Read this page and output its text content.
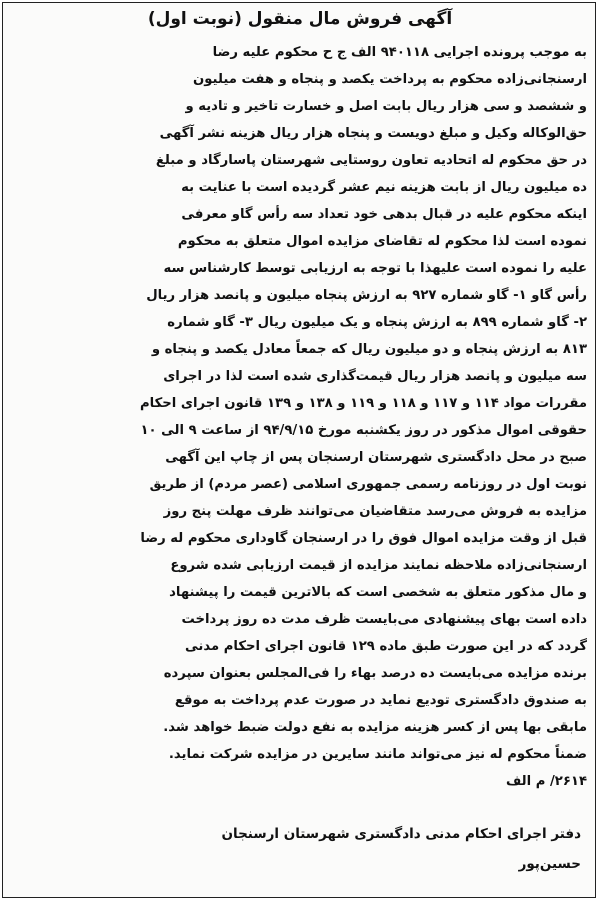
آگهی فروش مال منقول (نوبت اول)
به موجب پرونده اجرایی ۹۴۰۱۱۸ الف ج ح محکوم علیه رضا
ارسنجانی‌زاده محکوم به پرداخت یکصد و پنجاه و هفت میلیون
و ششصد و سی هزار ریال بابت اصل و خسارت تاخیر و تادیه و
حق‌الوکاله وکیل و مبلغ دویست و پنجاه هزار ریال هزینه نشر آگهی
در حق محکوم له اتحادیه تعاون روستایی شهرستان پاسارگاد و مبلغ
ده میلیون ریال از بابت هزینه نیم عشر گردیده است با عنایت به
اینکه محکوم علیه در قبال بدهی خود تعداد سه رأس گاو معرفی
نموده است لذا محکوم له تقاضای مزایده اموال متعلق به محکوم
علیه را نموده است علیهذا با توجه به ارزیابی توسط کارشناس سه
رأس گاو ۱- گاو شماره ۹۲۷ به ارزش پنجاه میلیون و پانصد هزار ریال
۲- گاو شماره ۸۹۹ به ارزش پنجاه و یک میلیون ریال ۳- گاو شماره
۸۱۳ به ارزش پنجاه و دو میلیون ریال که جمعاً معادل یکصد و پنجاه و
سه میلیون و پانصد هزار ریال قیمت‌گذاری شده است لذا در اجرای
مقررات مواد ۱۱۴ و ۱۱۷ و ۱۱۸ و ۱۱۹ و ۱۳۸ و ۱۳۹ قانون اجرای احکام
حقوقی اموال مذکور در روز یکشنبه مورخ ۹۴/۹/۱۵ از ساعت ۹ الی ۱۰
صبح در محل دادگستری شهرستان ارسنجان پس از چاپ این آگهی
نوبت اول در روزنامه رسمی جمهوری اسلامی (عصر مردم) از طریق
مزایده به فروش می‌رسد متقاضیان می‌توانند ظرف مهلت پنج روز
قبل از وقت مزایده اموال فوق را در ارسنجان گاوداری محکوم له رضا
ارسنجانی‌زاده ملاحظه نمایند مزایده از قیمت ارزیابی شده شروع
و مال مذکور متعلق به شخصی است که بالاترین قیمت را پیشنهاد
داده است بهای پیشنهادی می‌بایست ظرف مدت ده روز پرداخت
گردد که در این صورت طبق ماده ۱۲۹ قانون اجرای احکام مدنی
برنده مزایده می‌بایست ده درصد بهاء را فی‌المجلس بعنوان سپرده
به صندوق دادگستری تودیع نماید در صورت عدم پرداخت به موقع
مابقی بها پس از کسر هزینه مزایده به نفع دولت ضبط خواهد شد.
ضمناً محکوم له نیز می‌تواند مانند سایرین در مزایده شرکت نماید.
۲۶۱۴/ م الف
دفتر اجرای احکام مدنی دادگستری شهرستان ارسنجان
حسین‌پور
